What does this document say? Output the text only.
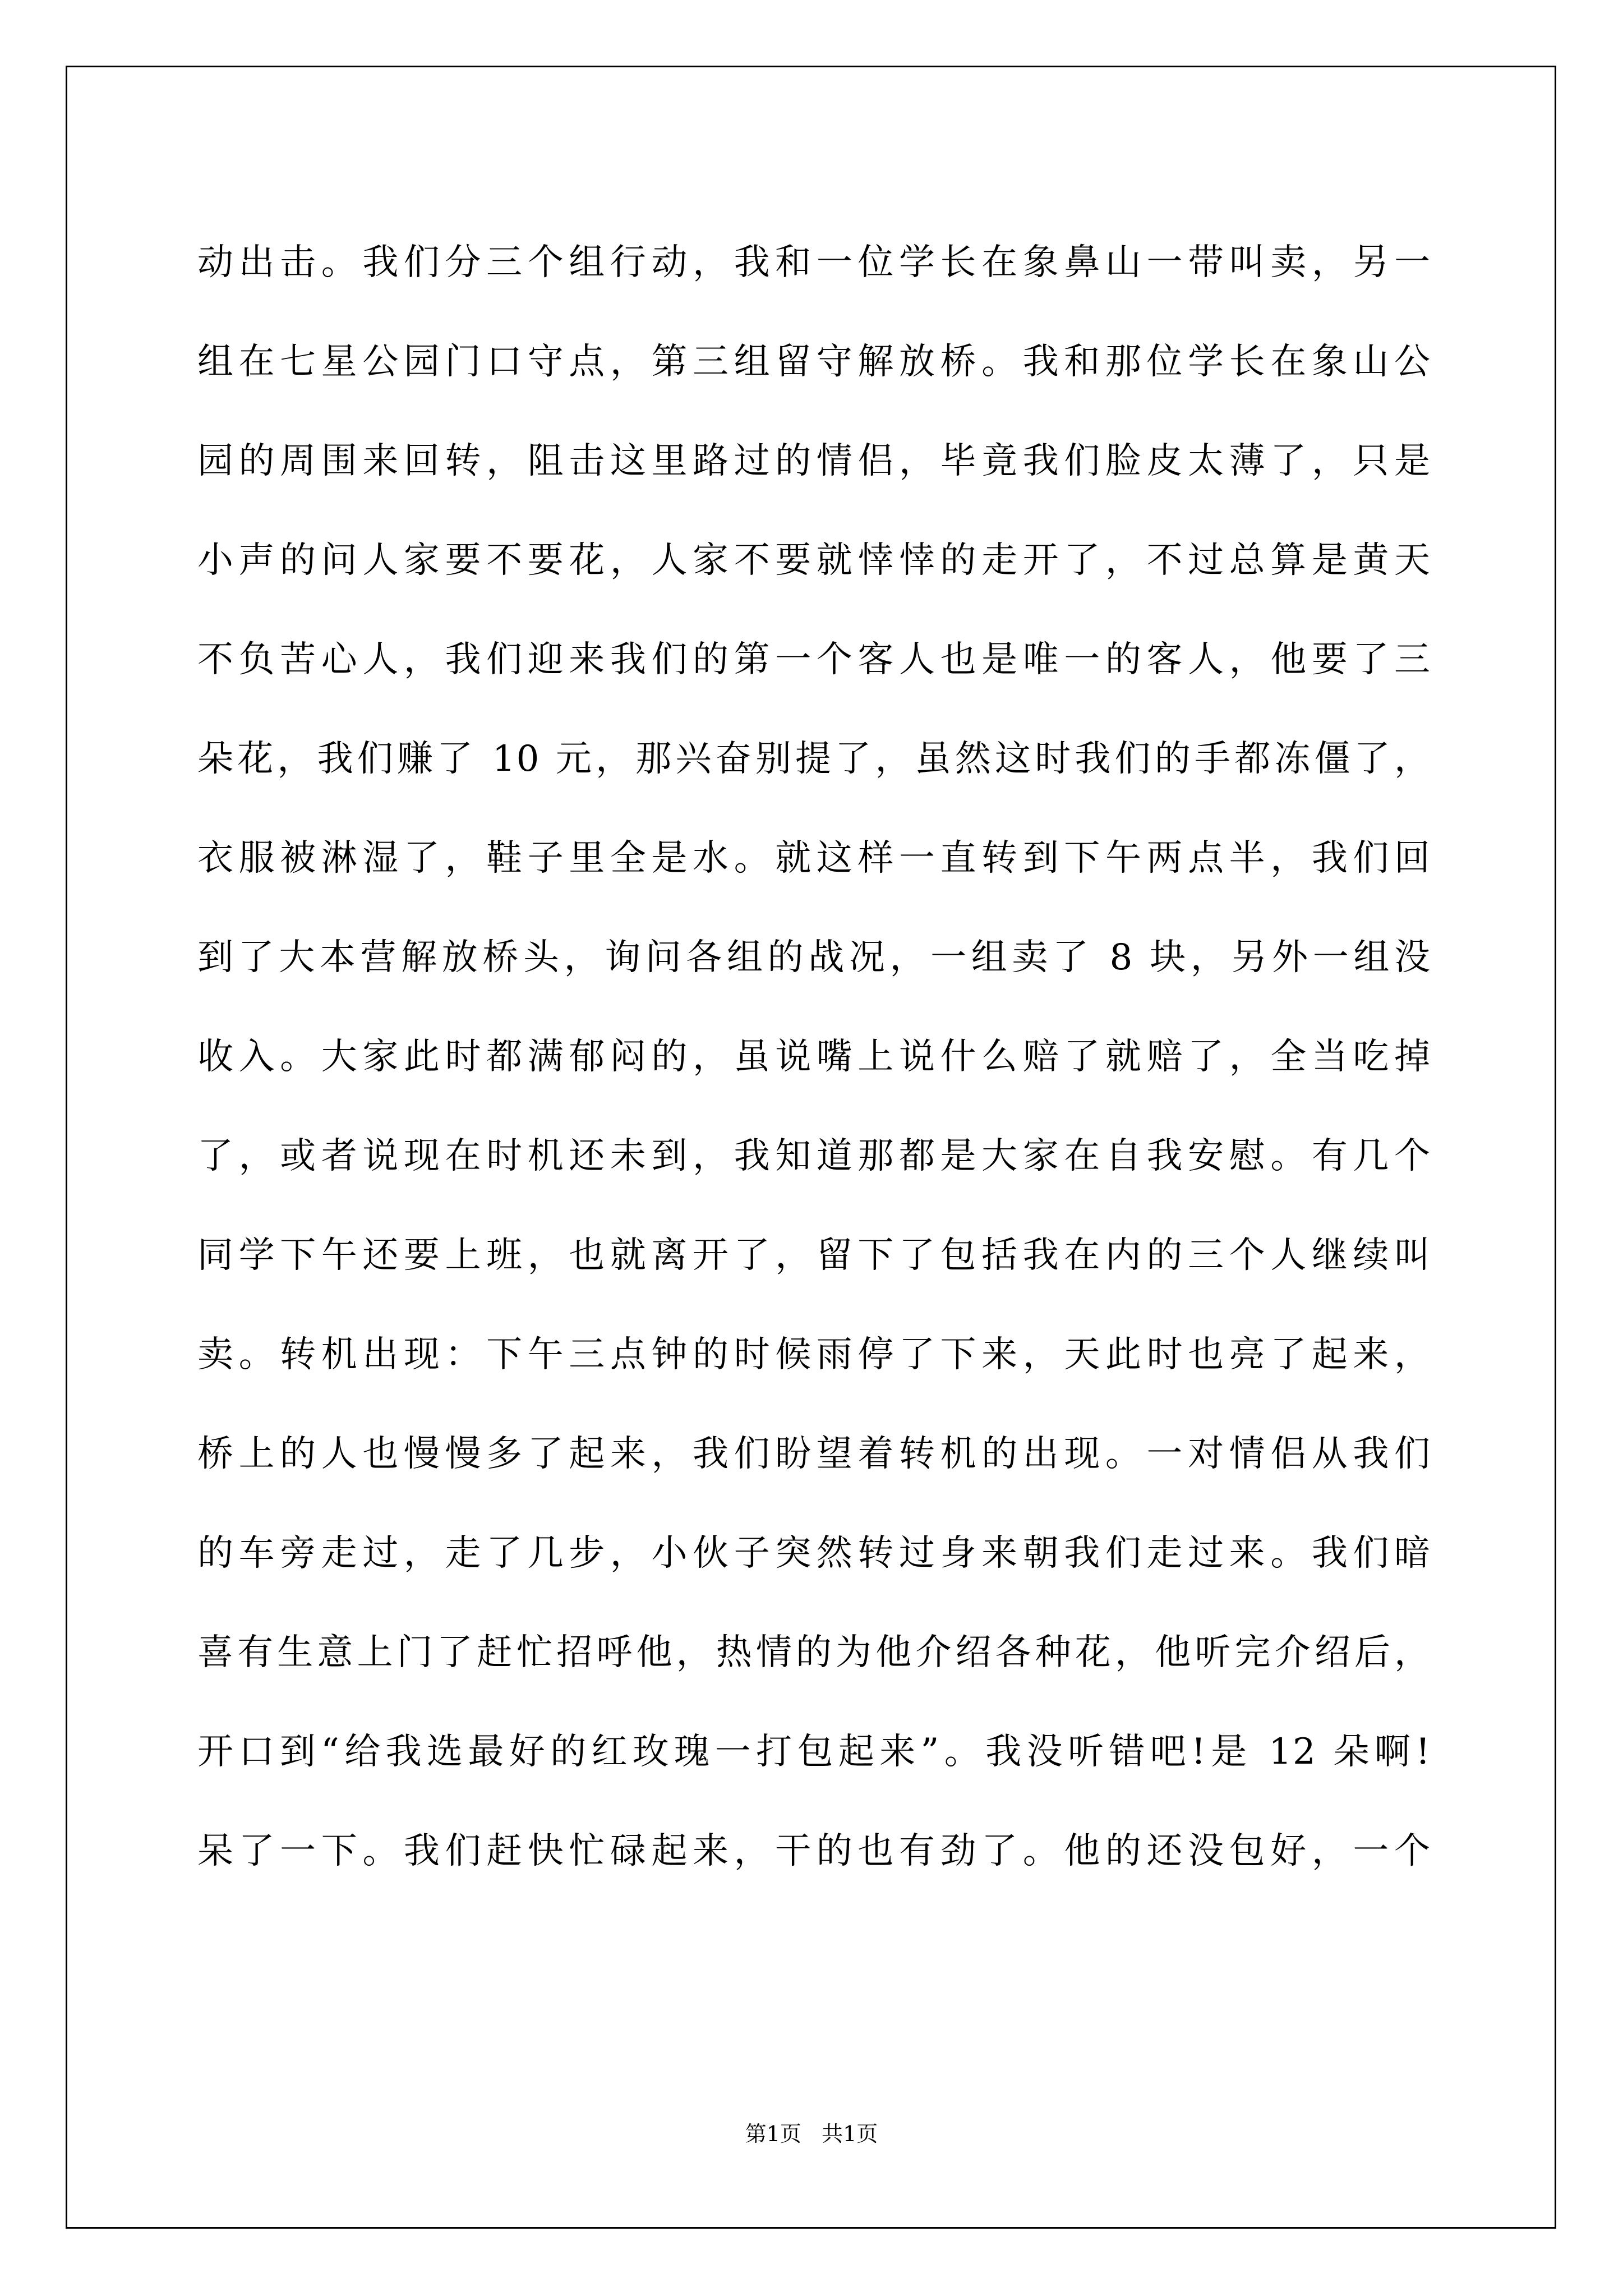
动出击。我们分三个组行动，我和一位学长在象鼻山一带叫卖，另一
组在七星公园门口守点，第三组留守解放桥。我和那位学长在象山公
园的周围来回转，阻击这里路过的情侣，毕竟我们脸皮太薄了，只是
小声的问人家要不要花，人家不要就悻悻的走开了，不过总算是黄天
不负苦心人，我们迎来我们的第一个客人也是唯一的客人，他要了三
朵花，我们赚了 10 元，那兴奋别提了，虽然这时我们的手都冻僵了，
衣服被淋湿了，鞋子里全是水。就这样一直转到下午两点半，我们回
到了大本营解放桥头，询问各组的战况，一组卖了 8 块，另外一组没
收入。大家此时都满郁闷的，虽说嘴上说什么赔了就赔了，全当吃掉
了，或者说现在时机还未到，我知道那都是大家在自我安慰。有几个
同学下午还要上班，也就离开了，留下了包括我在内的三个人继续叫
卖。转机出现：下午三点钟的时候雨停了下来，天此时也亮了起来，
桥上的人也慢慢多了起来，我们盼望着转机的出现。一对情侣从我们
的车旁走过，走了几步，小伙子突然转过身来朝我们走过来。我们暗
喜有生意上门了赶忙招呼他，热情的为他介绍各种花，他听完介绍后，
开口到“给我选最好的红玫瑰一打包起来”。我没听错吧!是 12 朵啊!
呆了一下。我们赶快忙碌起来，干的也有劲了。他的还没包好，一个
第1页   共1页
